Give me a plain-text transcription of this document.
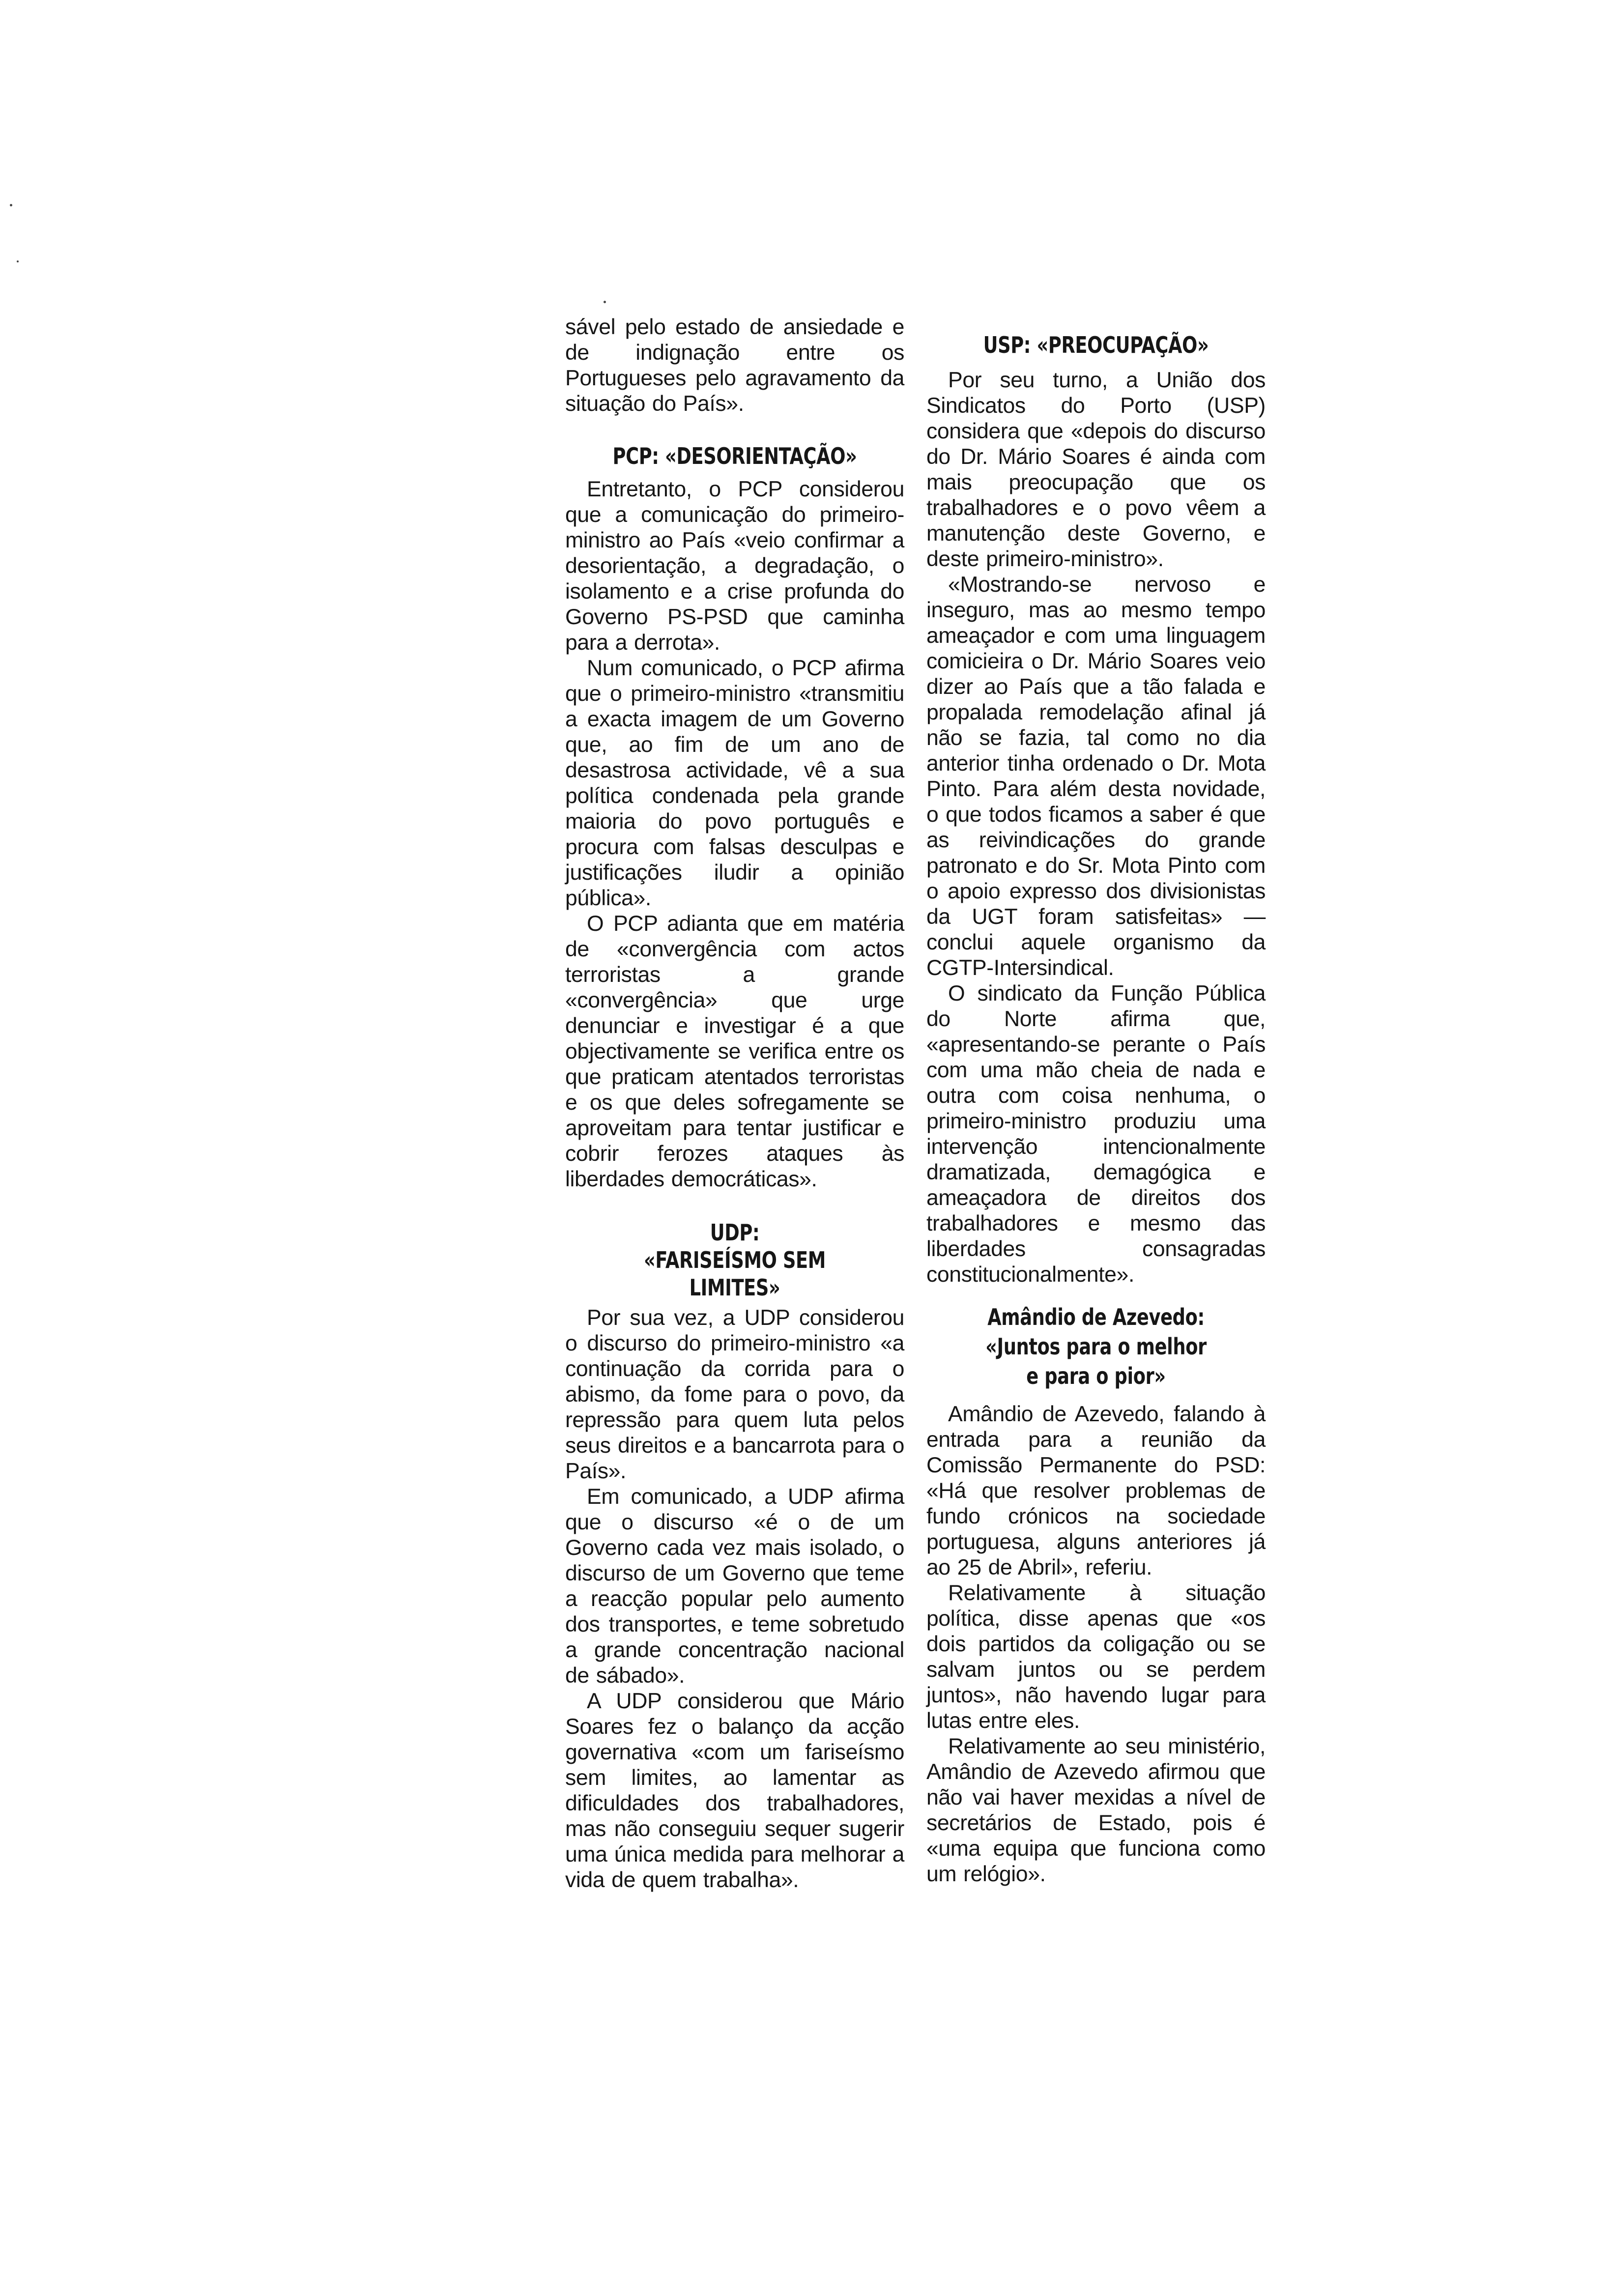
sável pelo estado de ansiedade e de indignação entre os Portugueses pelo agravamento da situação do País».

PCP: «DESORIENTAÇÃO»

Entretanto, o PCP considerou que a comunicação do primeiro-ministro ao País «veio confirmar a desorientação, a degradação, o isolamento e a crise profunda do Governo PS-PSD que caminha para a derrota».

Num comunicado, o PCP afirma que o primeiro-ministro «transmitiu a exacta imagem de um Governo que, ao fim de um ano de desastrosa actividade, vê a sua política condenada pela grande maioria do povo português e procura com falsas desculpas e justificações iludir a opinião pública».

O PCP adianta que em matéria de «convergência com actos terroristas a grande «convergência» que urge denunciar e investigar é a que objectivamente se verifica entre os que praticam atentados terroristas e os que deles sofregamente se aproveitam para tentar justificar e cobrir ferozes ataques às liberdades democráticas».

UDP:
«FARISEÍSMO SEM LIMITES»

Por sua vez, a UDP considerou o discurso do primeiro-ministro «a continuação da corrida para o abismo, da fome para o povo, da repressão para quem luta pelos seus direitos e a bancarrota para o País».

Em comunicado, a UDP afirma que o discurso «é o de um Governo cada vez mais isolado, o discurso de um Governo que teme a reacção popular pelo aumento dos transportes, e teme sobretudo a grande concentração nacional de sábado».

A UDP considerou que Mário Soares fez o balanço da acção governativa «com um fariseísmo sem limites, ao lamentar as dificuldades dos trabalhadores, mas não conseguiu sequer sugerir uma única medida para melhorar a vida de quem trabalha».

USP: «PREOCUPAÇÃO»

Por seu turno, a União dos Sindicatos do Porto (USP) considera que «depois do discurso do Dr. Mário Soares é ainda com mais preocupação que os trabalhadores e o povo vêem a manutenção deste Governo, e deste primeiro-ministro».

«Mostrando-se nervoso e inseguro, mas ao mesmo tempo ameaçador e com uma linguagem comicieira o Dr. Mário Soares veio dizer ao País que a tão falada e propalada remodelação afinal já não se fazia, tal como no dia anterior tinha ordenado o Dr. Mota Pinto. Para além desta novidade, o que todos ficamos a saber é que as reivindicações do grande patronato e do Sr. Mota Pinto com o apoio expresso dos divisionistas da UGT foram satisfeitas» — conclui aquele organismo da CGTP-Intersindical.

O sindicato da Função Pública do Norte afirma que, «apresentando-se perante o País com uma mão cheia de nada e outra com coisa nenhuma, o primeiro-ministro produziu uma intervenção intencionalmente dramatizada, demagógica e ameaçadora de direitos dos trabalhadores e mesmo das liberdades consagradas constitucionalmente».

Amândio de Azevedo:
«Juntos para o melhor
e para o pior»

Amândio de Azevedo, falando à entrada para a reunião da Comissão Permanente do PSD: «Há que resolver problemas de fundo crónicos na sociedade portuguesa, alguns anteriores já ao 25 de Abril», referiu.

Relativamente à situação política, disse apenas que «os dois partidos da coligação ou se salvam juntos ou se perdem juntos», não havendo lugar para lutas entre eles.

Relativamente ao seu ministério, Amândio de Azevedo afirmou que não vai haver mexidas a nível de secretários de Estado, pois é «uma equipa que funciona como um relógio».
